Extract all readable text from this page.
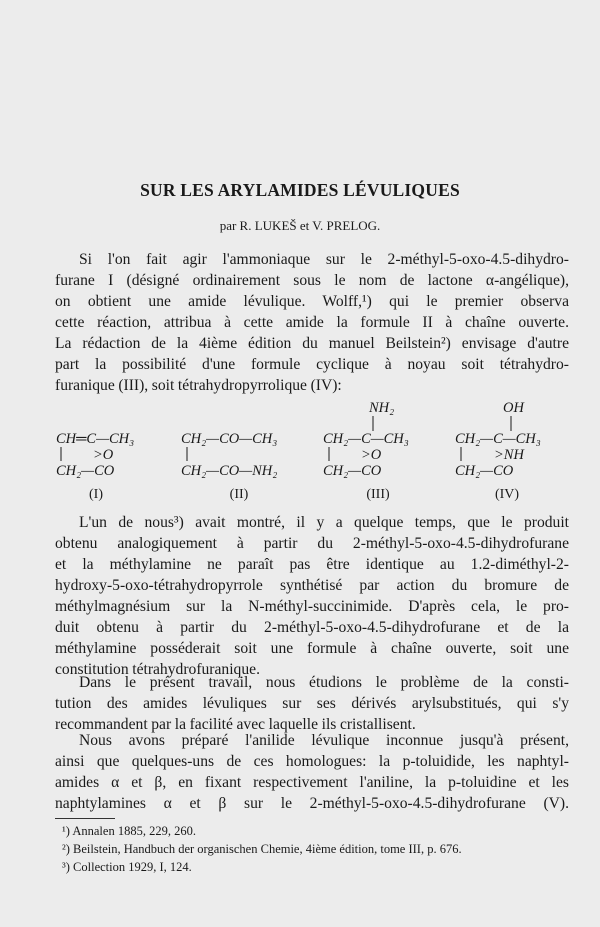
SUR LES ARYLAMIDES LÉVULIQUES
par R. LUKEŠ et V. PRELOG.
Si l'on fait agir l'ammoniaque sur le 2-méthyl-5-oxo-4.5-dihydro-
furane I (désigné ordinairement sous le nom de lactone α-angélique),
on obtient une amide lévulique. Wolff,¹) qui le premier observa
cette réaction, attribua à cette amide la formule II à chaîne ouverte.
La rédaction de la 4ième édition du manuel Beilstein²) envisage d'autre
part la possibilité d'une formule cyclique à noyau soit tétrahydro-
furanique (III), soit tétrahydropyrrolique (IV):
CH═C—CH₃
>O
CH₂—CO
(I)
CH₂—CO—CH₃
CH₂—CO—NH₂
(II)
NH₂
CH₂—C—CH₃
>O
CH₂—CO
(III)
OH
CH₂—C—CH₃
>NH
CH₂—CO
(IV)
L'un de nous³) avait montré, il y a quelque temps, que le produit
obtenu analogiquement à partir du 2-méthyl-5-oxo-4.5-dihydrofurane
et la méthylamine ne paraît pas être identique au 1.2-diméthyl-2-
hydroxy-5-oxo-tétrahydropyrrole synthétisé par action du bromure de
méthylmagnésium sur la N-méthyl-succinimide. D'après cela, le pro-
duit obtenu à partir du 2-méthyl-5-oxo-4.5-dihydrofurane et de la
méthylamine posséderait soit une formule à chaîne ouverte, soit une
constitution tétrahydrofuranique.
Dans le présent travail, nous étudions le problème de la consti-
tution des amides lévuliques sur ses dérivés arylsubstitués, qui s'y
recommandent par la facilité avec laquelle ils cristallisent.
Nous avons préparé l'anilide lévulique inconnue jusqu'à présent,
ainsi que quelques-uns de ces homologues: la p-toluidide, les naphtyl-
amides α et β, en fixant respectivement l'aniline, la p-toluidine et les
naphtylamines α et β sur le 2-méthyl-5-oxo-4.5-dihydrofurane (V).
¹) Annalen 1885, 229, 260.
²) Beilstein, Handbuch der organischen Chemie, 4ième édition, tome III, p. 676.
³) Collection 1929, I, 124.
